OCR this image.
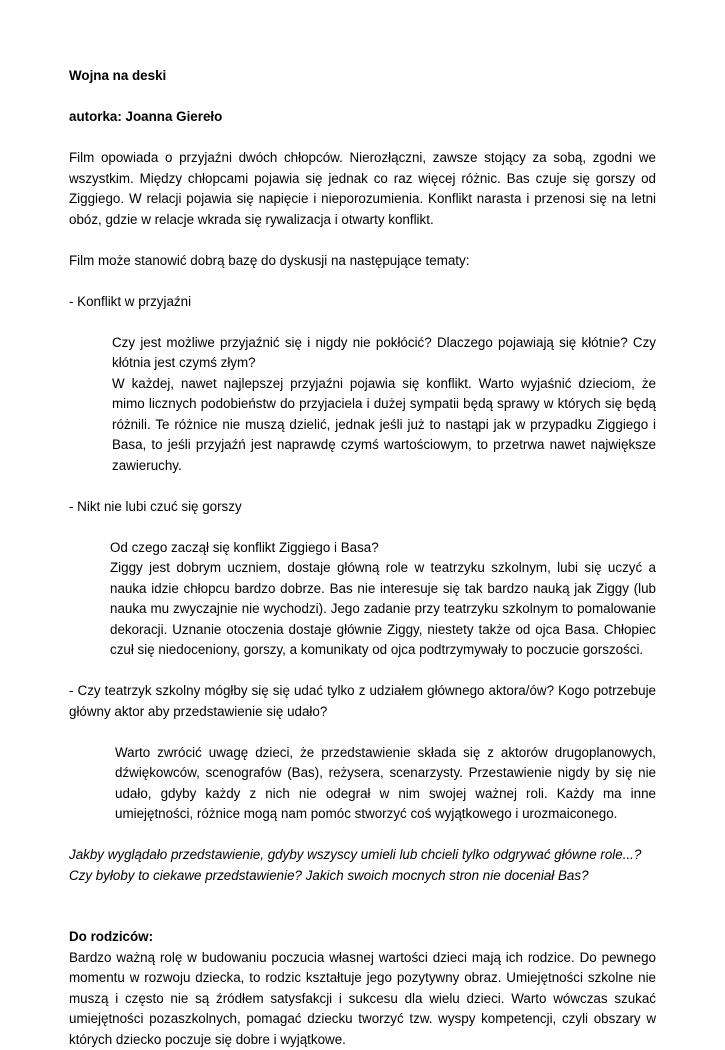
Wojna na deski

autorka: Joanna Giereło

Film opowiada o przyjaźni dwóch chłopców. Nierozłączni, zawsze stojący za sobą, zgodni we wszystkim. Między chłopcami pojawia się jednak co raz więcej różnic. Bas czuje się gorszy od Ziggiego. W relacji pojawia się napięcie i nieporozumienia. Konflikt narasta i przenosi się na letni obóz, gdzie w relacje wkrada się rywalizacja i otwarty konflikt.

Film może stanowić dobrą bazę do dyskusji na następujące tematy:

- Konflikt w przyjaźni

Czy jest możliwe przyjaźnić się i nigdy nie pokłócić? Dlaczego pojawiają się kłótnie? Czy kłótnia jest czymś złym?

W każdej, nawet najlepszej przyjaźni pojawia się konflikt. Warto wyjaśnić dzieciom, że mimo licznych podobieństw do przyjaciela i dużej sympatii będą sprawy w których się będą różnili. Te różnice nie muszą dzielić, jednak jeśli już to nastąpi jak w przypadku Ziggiego i Basa, to jeśli przyjaźń jest naprawdę czymś wartościowym, to przetrwa nawet największe zawieruchy.

- Nikt nie lubi czuć się gorszy

Od czego zaczął się konflikt Ziggiego i Basa?

Ziggy jest dobrym uczniem, dostaje główną role w teatrzyku szkolnym, lubi się uczyć a nauka idzie chłopcu bardzo dobrze. Bas nie interesuje się tak bardzo nauką jak Ziggy (lub nauka mu zwyczajnie nie wychodzi). Jego zadanie przy teatrzyku szkolnym to pomalowanie dekoracji. Uznanie otoczenia dostaje głównie Ziggy, niestety także od ojca Basa. Chłopiec czuł się niedoceniony, gorszy, a komunikaty od ojca podtrzymywały to poczucie gorszości.

- Czy teatrzyk szkolny mógłby się się udać tylko z udziałem głównego aktora/ów? Kogo potrzebuje główny aktor aby przedstawienie się udało?

Warto zwrócić uwagę dzieci, że przedstawienie składa się z aktorów drugoplanowych, dźwiękowców, scenografów (Bas), reżysera, scenarzysty. Przestawienie nigdy by się nie udało, gdyby każdy z nich nie odegrał w nim swojej ważnej roli. Każdy ma inne umiejętności, różnice mogą nam pomóc stworzyć coś wyjątkowego i urozmaiconego.

Jakby wyglądało przedstawienie, gdyby wszyscy umieli lub chcieli tylko odgrywać główne role...? Czy byłoby to ciekawe przedstawienie? Jakich swoich mocnych stron nie doceniał Bas?

Do rodziców:

Bardzo ważną rolę w budowaniu poczucia własnej wartości dzieci mają ich rodzice. Do pewnego momentu w rozwoju dziecka, to rodzic kształtuje jego pozytywny obraz. Umiejętności szkolne nie muszą i często nie są źródłem satysfakcji i sukcesu dla wielu dzieci. Warto wówczas szukać umiejętności pozaszkolnych, pomagać dziecku tworzyć tzw. wyspy kompetencji, czyli obszary w których dziecko poczuje się dobre i wyjątkowe.
